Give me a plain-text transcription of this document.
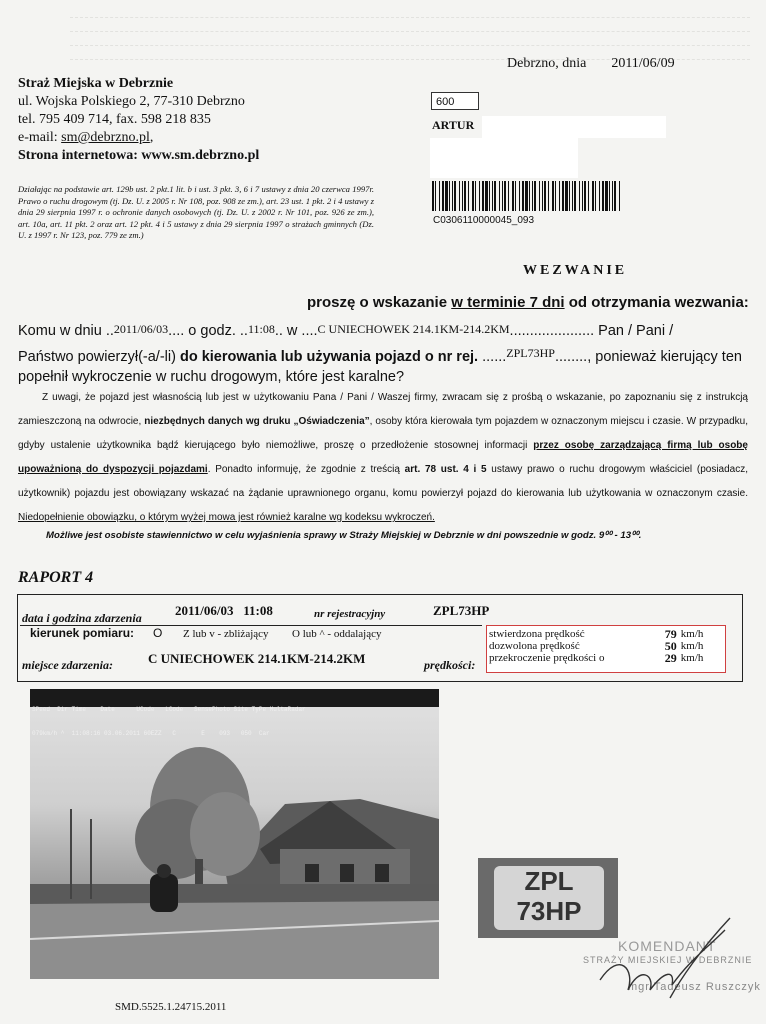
Debrzno, dnia 2011/06/09
Straż Miejska w Debrznie
ul. Wojska Polskiego 2, 77-310 Debrzno
tel. 795 409 714, fax. 598 218 835
e-mail: sm@debrzno.pl,
Strona internetowa: www.sm.debrzno.pl
600
ARTUR
C0306110000045_093
Działając na podstawie art. 129b ust. 2 pkt.1 lit. b i ust. 3 pkt. 3, 6 i 7 ustawy z dnia 20 czerwca 1997r. Prawo o ruchu drogowym (tj. Dz. U. z 2005 r. Nr 108, poz. 908 ze zm.), art. 23 ust. 1 pkt. 2 i 4 ustawy z dnia 29 sierpnia 1997 r. o ochronie danych osobowych (tj. Dz. U. z 2002 r. Nr 101, poz. 926 ze zm.), art. 10a, art. 11 pkt. 2 oraz art. 12 pkt. 4 i 5 ustawy z dnia 29 sierpnia 1997 o strażach gminnych (Dz. U. z 1997 r. Nr 123, poz. 779 ze zm.)
WEZWANIE
proszę o wskazanie w terminie 7 dni od otrzymania wezwania:
Komu w dniu ..2011/06/03.... o godz. ..11:08.. w ....C UNIECHOWEK 214.1KM-214.2KM..................... Pan / Pani /
Państwo powierzył(-a/-li) do kierowania lub używania pojazd o nr rej. ......$^{ZPL73HP}$........, ponieważ kierujący ten
popełnił wykroczenie w ruchu drogowym, które jest karalne?
Z uwagi, że pojazd jest własnością lub jest w użytkowaniu Pana / Pani / Waszej firmy, zwracam się z prośbą o wskazanie, po zapoznaniu się z instrukcją zamieszczoną na odwrocie, niezbędnych danych wg druku „Oświadczenia”, osoby która kierowała tym pojazdem w oznaczonym miejscu i czasie. W przypadku, gdyby ustalenie użytkownika bądź kierującego było niemożliwe, proszę o przedłożenie stosownej informacji przez osobę zarządzającą firmą lub osobę upoważnioną do dyspozycji pojazdami. Ponadto informuję, że zgodnie z treścią art. 78 ust. 4 i 5 ustawy prawo o ruchu drogowym właściciel (posiadacz, użytkownik) pojazdu jest obowiązany wskazać na żądanie uprawnionego organu, komu powierzył pojazd do kierowania lub użytkowania w oznaczonym czasie. Niedopełnienie obowiązku, o którym wyżej mowa jest również karalne wg kodeksu wykroczeń.
Możliwe jest osobiste stawiennictwo w celu wyjaśnienia sprawy w Straży Miejskiej w Debrznie w dni powszednie w godz. 9⁰⁰ - 13⁰⁰.
RAPORT 4
data i godzina zdarzenia	2011/06/03   11:08	nr rejestracyjny	ZPL73HP
kierunek pomiaru: O Z lub v - zbliżający O lub ^ - oddalający
miejsce zdarzenia:	C UNIECHOWEK 214.1KM-214.2KM	prędkości:
stwierdzona prędkość	79	km/h
dozwolona prędkość	50	km/h
przekroczenie prędkości o	29	km/h

SPeed  Dir Time    Date      UCode   LCode   SensePhoto Site TyPe MultaRadar

079km/h ^  11:08:16 03.06.2011 60EZZ   C       E    093   050  Car

ZPL
73HP
KOMENDANT
STRAŻY MIEJSKIEJ W DEBRZNIE
mgr Tadeusz Ruszczyk
SMD.5525.1.24715.2011
